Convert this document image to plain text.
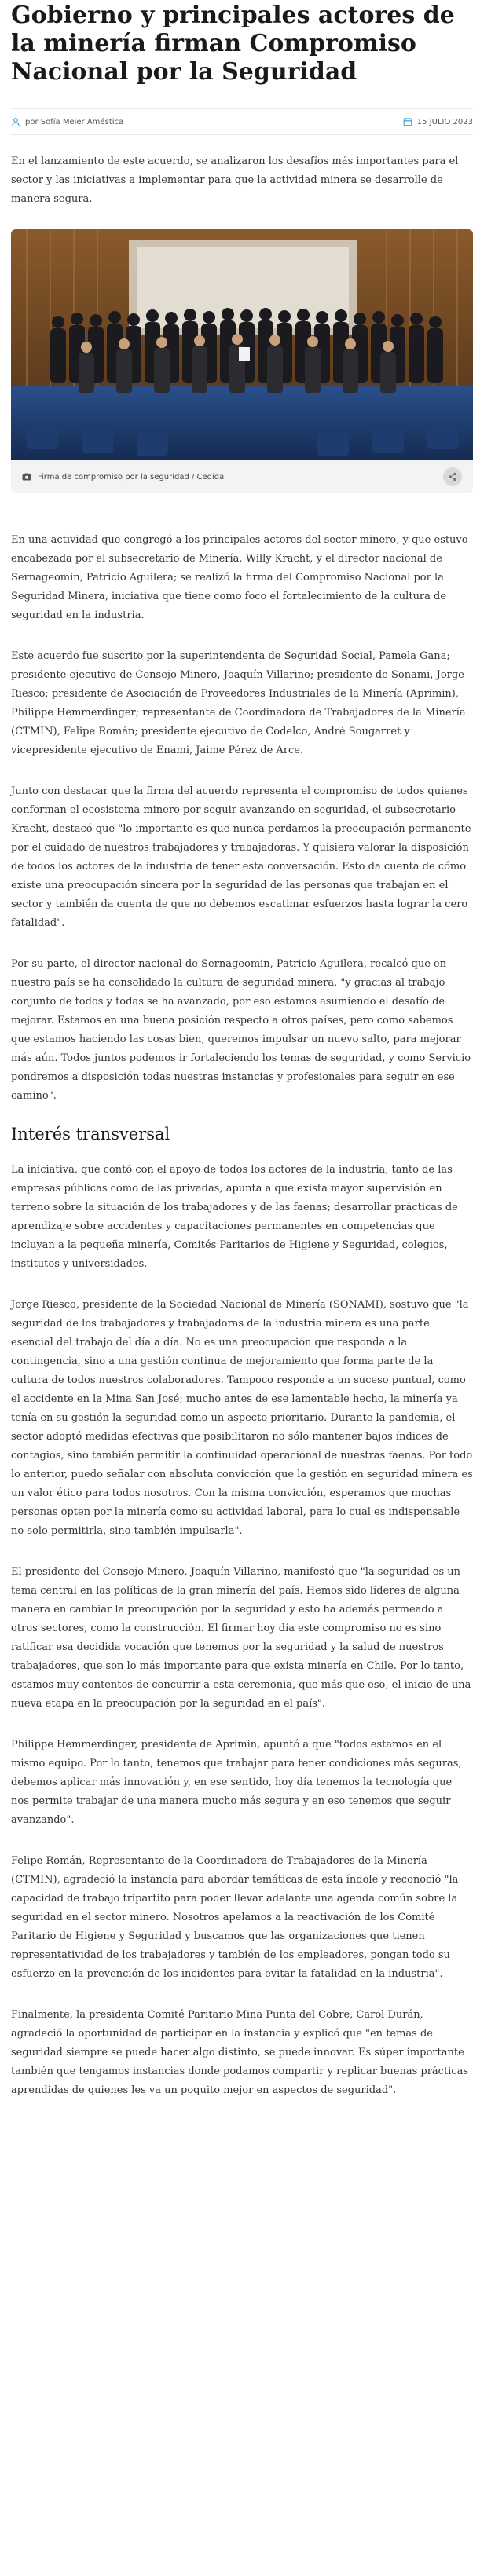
Gobierno y principales actores de la minería firman Compromiso Nacional por la Seguridad
por Sofía Meier Améstica	15 JULIO 2023

En el lanzamiento de este acuerdo, se analizaron los desafíos más importantes para el sector y las iniciativas a implementar para que la actividad minera se desarrolle de manera segura.

Firma de compromiso por la seguridad / Cedida

En una actividad que congregó a los principales actores del sector minero, y que estuvo encabezada por el subsecretario de Minería, Willy Kracht, y el director nacional de Sernageomin, Patricio Aguilera; se realizó la firma del Compromiso Nacional por la Seguridad Minera, iniciativa que tiene como foco el fortalecimiento de la cultura de seguridad en la industria.

Este acuerdo fue suscrito por la superintendenta de Seguridad Social, Pamela Gana; presidente ejecutivo de Consejo Minero, Joaquín Villarino; presidente de Sonami, Jorge Riesco; presidente de Asociación de Proveedores Industriales de la Minería (Aprimin), Philippe Hemmerdinger; representante de Coordinadora de Trabajadores de la Minería (CTMIN), Felipe Román; presidente ejecutivo de Codelco, André Sougarret y vicepresidente ejecutivo de Enami, Jaime Pérez de Arce.

Junto con destacar que la firma del acuerdo representa el compromiso de todos quienes conforman el ecosistema minero por seguir avanzando en seguridad, el subsecretario Kracht, destacó que "lo importante es que nunca perdamos la preocupación permanente por el cuidado de nuestros trabajadores y trabajadoras. Y quisiera valorar la disposición de todos los actores de la industria de tener esta conversación. Esto da cuenta de cómo existe una preocupación sincera por la seguridad de las personas que trabajan en el sector y también da cuenta de que no debemos escatimar esfuerzos hasta lograr la cero fatalidad".

Por su parte, el director nacional de Sernageomin, Patricio Aguilera, recalcó que en nuestro país se ha consolidado la cultura de seguridad minera, "y gracias al trabajo conjunto de todos y todas se ha avanzado, por eso estamos asumiendo el desafío de mejorar. Estamos en una buena posición respecto a otros países, pero como sabemos que estamos haciendo las cosas bien, queremos impulsar un nuevo salto, para mejorar más aún. Todos juntos podemos ir fortaleciendo los temas de seguridad, y como Servicio pondremos a disposición todas nuestras instancias y profesionales para seguir en ese camino".

Interés transversal

La iniciativa, que contó con el apoyo de todos los actores de la industria, tanto de las empresas públicas como de las privadas, apunta a que exista mayor supervisión en terreno sobre la situación de los trabajadores y de las faenas; desarrollar prácticas de aprendizaje sobre accidentes y capacitaciones permanentes en competencias que incluyan a la pequeña minería, Comités Paritarios de Higiene y Seguridad, colegios, institutos y universidades.

Jorge Riesco, presidente de la Sociedad Nacional de Minería (SONAMI), sostuvo que "la seguridad de los trabajadores y trabajadoras de la industria minera es una parte esencial del trabajo del día a día. No es una preocupación que responda a la contingencia, sino a una gestión continua de mejoramiento que forma parte de la cultura de todos nuestros colaboradores. Tampoco responde a un suceso puntual, como el accidente en la Mina San José; mucho antes de ese lamentable hecho, la minería ya tenía en su gestión la seguridad como un aspecto prioritario. Durante la pandemia, el sector adoptó medidas efectivas que posibilitaron no sólo mantener bajos índices de contagios, sino también permitir la continuidad operacional de nuestras faenas. Por todo lo anterior, puedo señalar con absoluta convicción que la gestión en seguridad minera es un valor ético para todos nosotros. Con la misma convicción, esperamos que muchas personas opten por la minería como su actividad laboral, para lo cual es indispensable no solo permitirla, sino también impulsarla".

El presidente del Consejo Minero, Joaquín Villarino, manifestó que "la seguridad es un tema central en las políticas de la gran minería del país. Hemos sido líderes de alguna manera en cambiar la preocupación por la seguridad y esto ha además permeado a otros sectores, como la construcción. El firmar hoy día este compromiso no es sino ratificar esa decidida vocación que tenemos por la seguridad y la salud de nuestros trabajadores, que son lo más importante para que exista minería en Chile. Por lo tanto, estamos muy contentos de concurrir a esta ceremonia, que más que eso, el inicio de una nueva etapa en la preocupación por la seguridad en el país".

Philippe Hemmerdinger, presidente de Aprimin, apuntó a que "todos estamos en el mismo equipo. Por lo tanto, tenemos que trabajar para tener condiciones más seguras, debemos aplicar más innovación y, en ese sentido, hoy día tenemos la tecnología que nos permite trabajar de una manera mucho más segura y en eso tenemos que seguir avanzando".

Felipe Román, Representante de la Coordinadora de Trabajadores de la Minería (CTMIN), agradeció la instancia para abordar temáticas de esta índole y reconoció "la capacidad de trabajo tripartito para poder llevar adelante una agenda común sobre la seguridad en el sector minero. Nosotros apelamos a la reactivación de los Comité Paritario de Higiene y Seguridad y buscamos que las organizaciones que tienen representatividad de los trabajadores y también de los empleadores, pongan todo su esfuerzo en la prevención de los incidentes para evitar la fatalidad en la industria".

Finalmente, la presidenta Comité Paritario Mina Punta del Cobre, Carol Durán, agradeció la oportunidad de participar en la instancia y explicó que "en temas de seguridad siempre se puede hacer algo distinto, se puede innovar. Es súper importante también que tengamos instancias donde podamos compartir y replicar buenas prácticas aprendidas de quienes les va un poquito mejor en aspectos de seguridad".
